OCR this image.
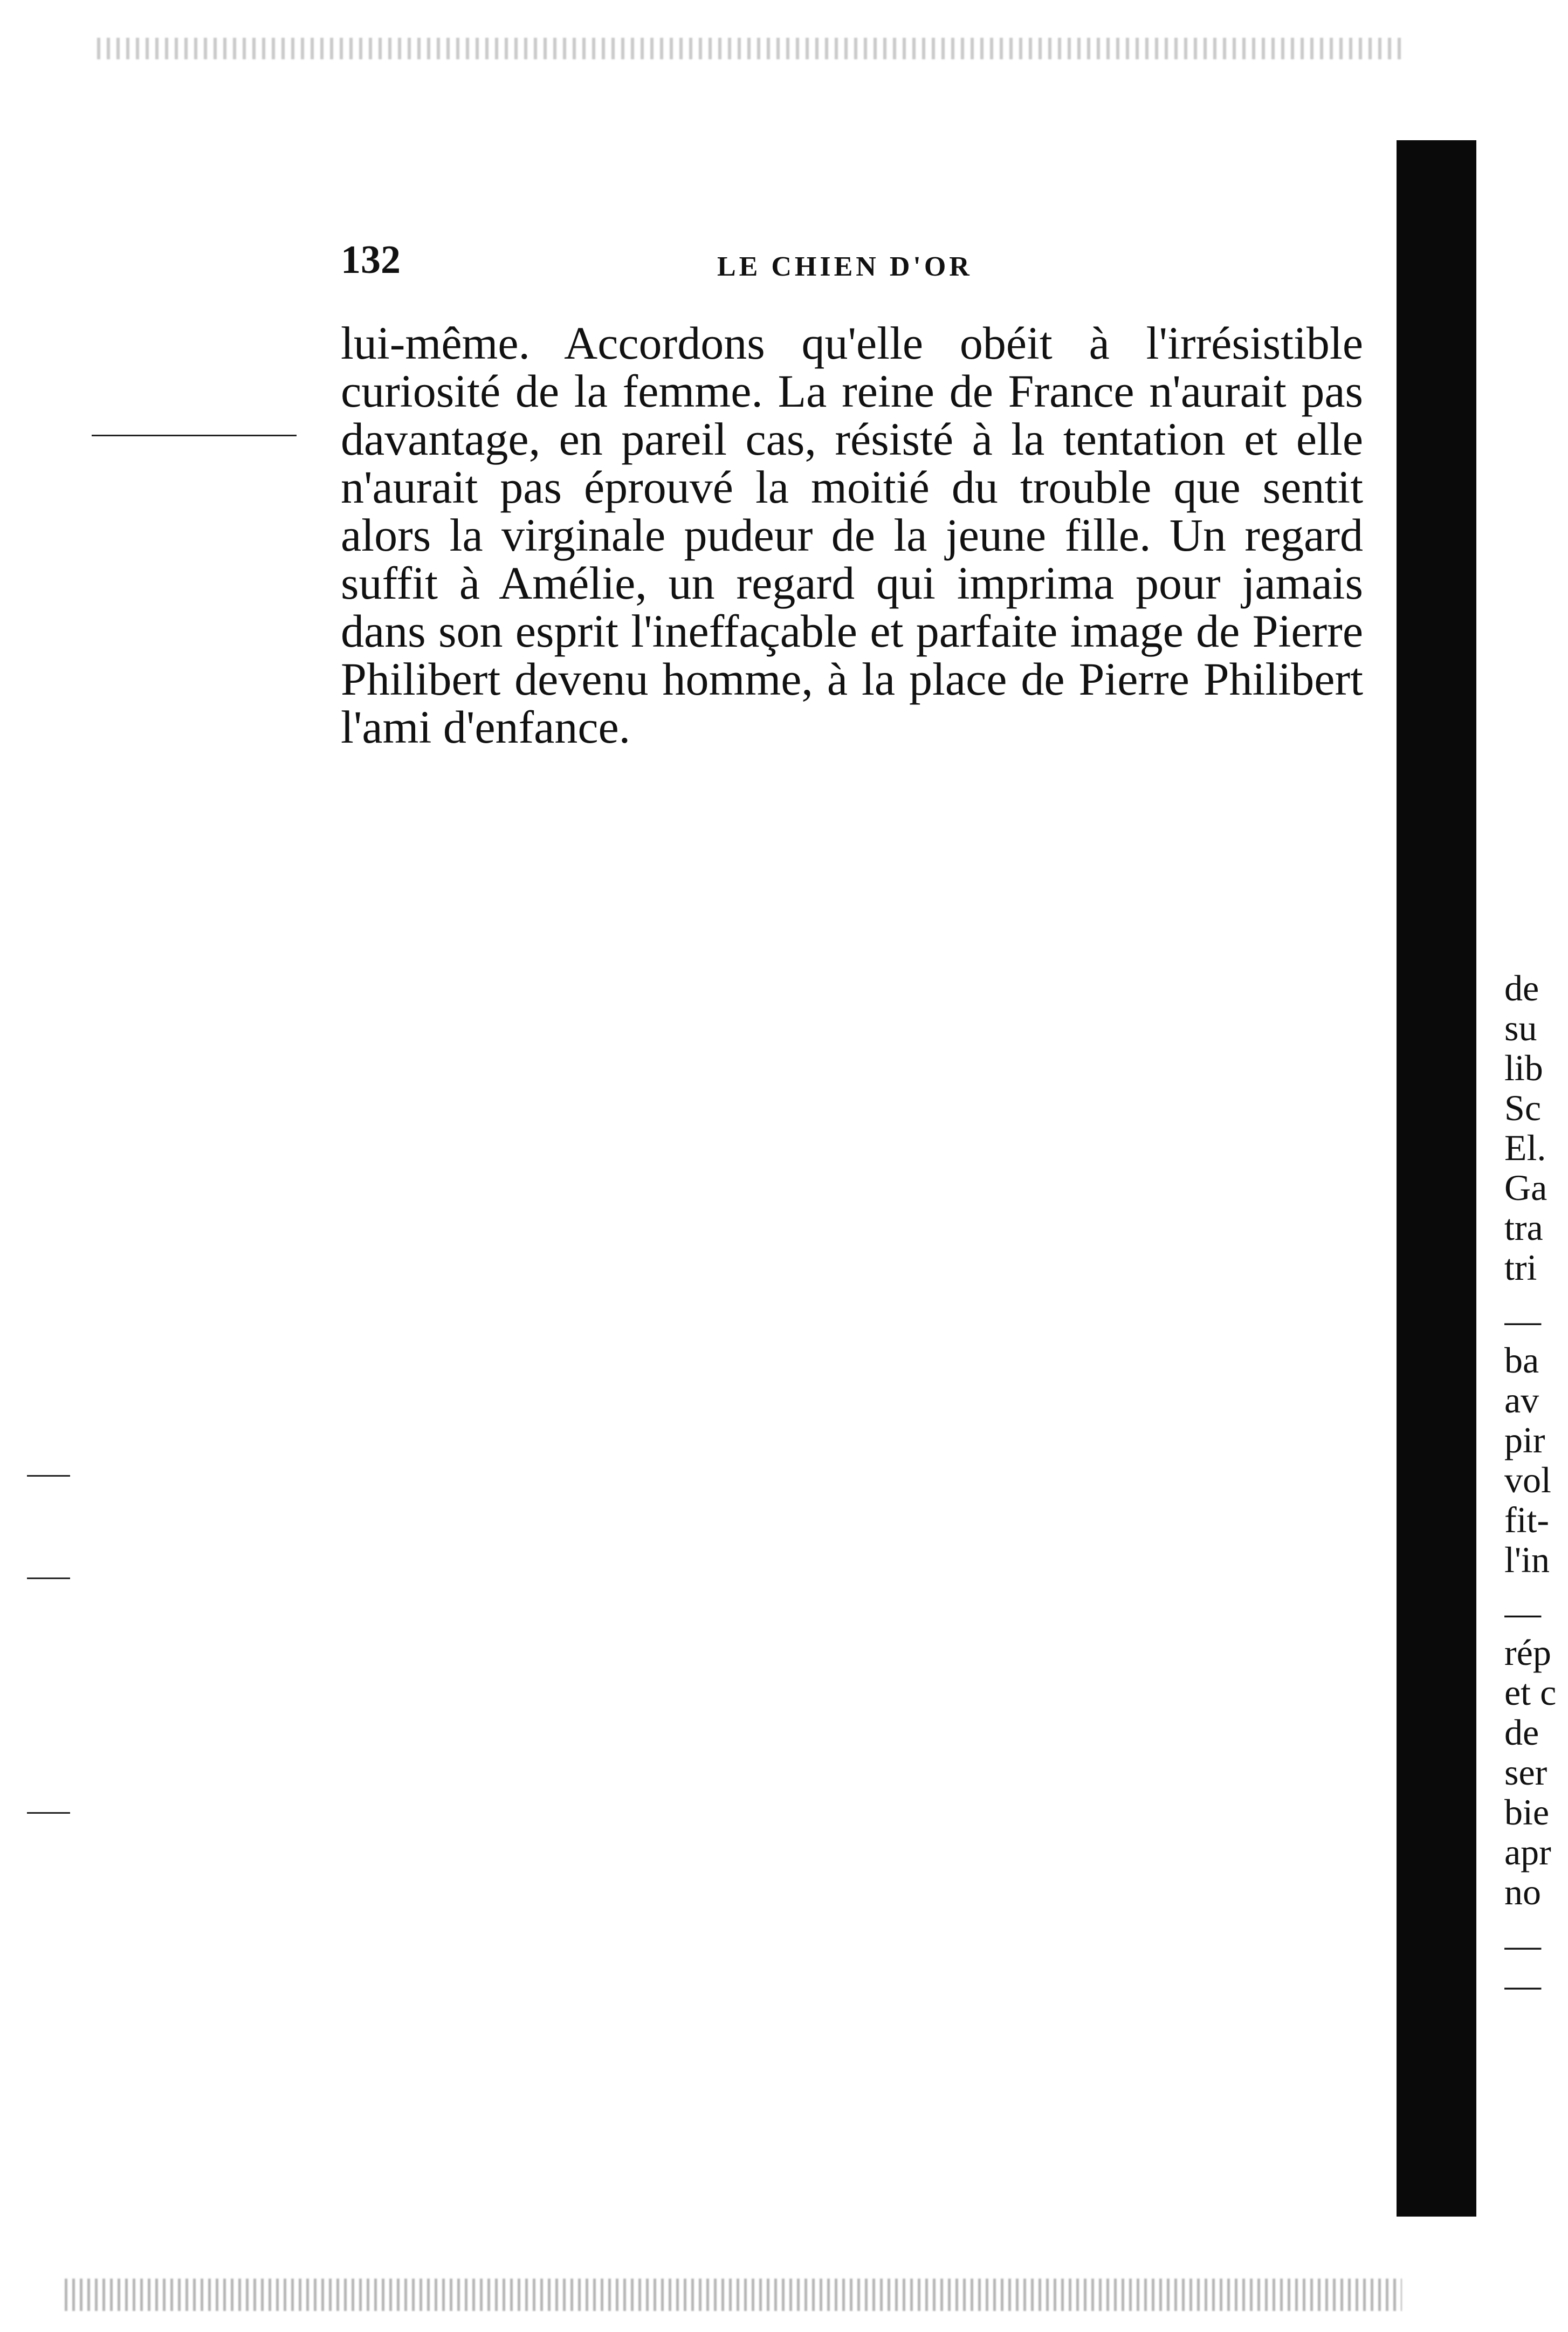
132	LE CHIEN D'OR

lui-même. Accordons qu'elle obéit à l'irrésistible curiosité de la femme. La reine de France n'aurait pas davantage, en pareil cas, résisté à la tentation et elle n'aurait pas éprouvé la moitié du trouble que sentit alors la virginale pudeur de la jeune fille. Un regard suffit à Amélie, un regard qui imprima pour jamais dans son esprit l'ineffaçable et parfaite image de Pierre Philibert devenu homme, à la place de Pierre Philibert l'ami d'enfance.

de
su
lib
Sc
El.
Ga
tra
tri
—
ba
av
pir
vol
fit-
l'in
—
rép
et c
de
ser
bie
apr
no
—
—
